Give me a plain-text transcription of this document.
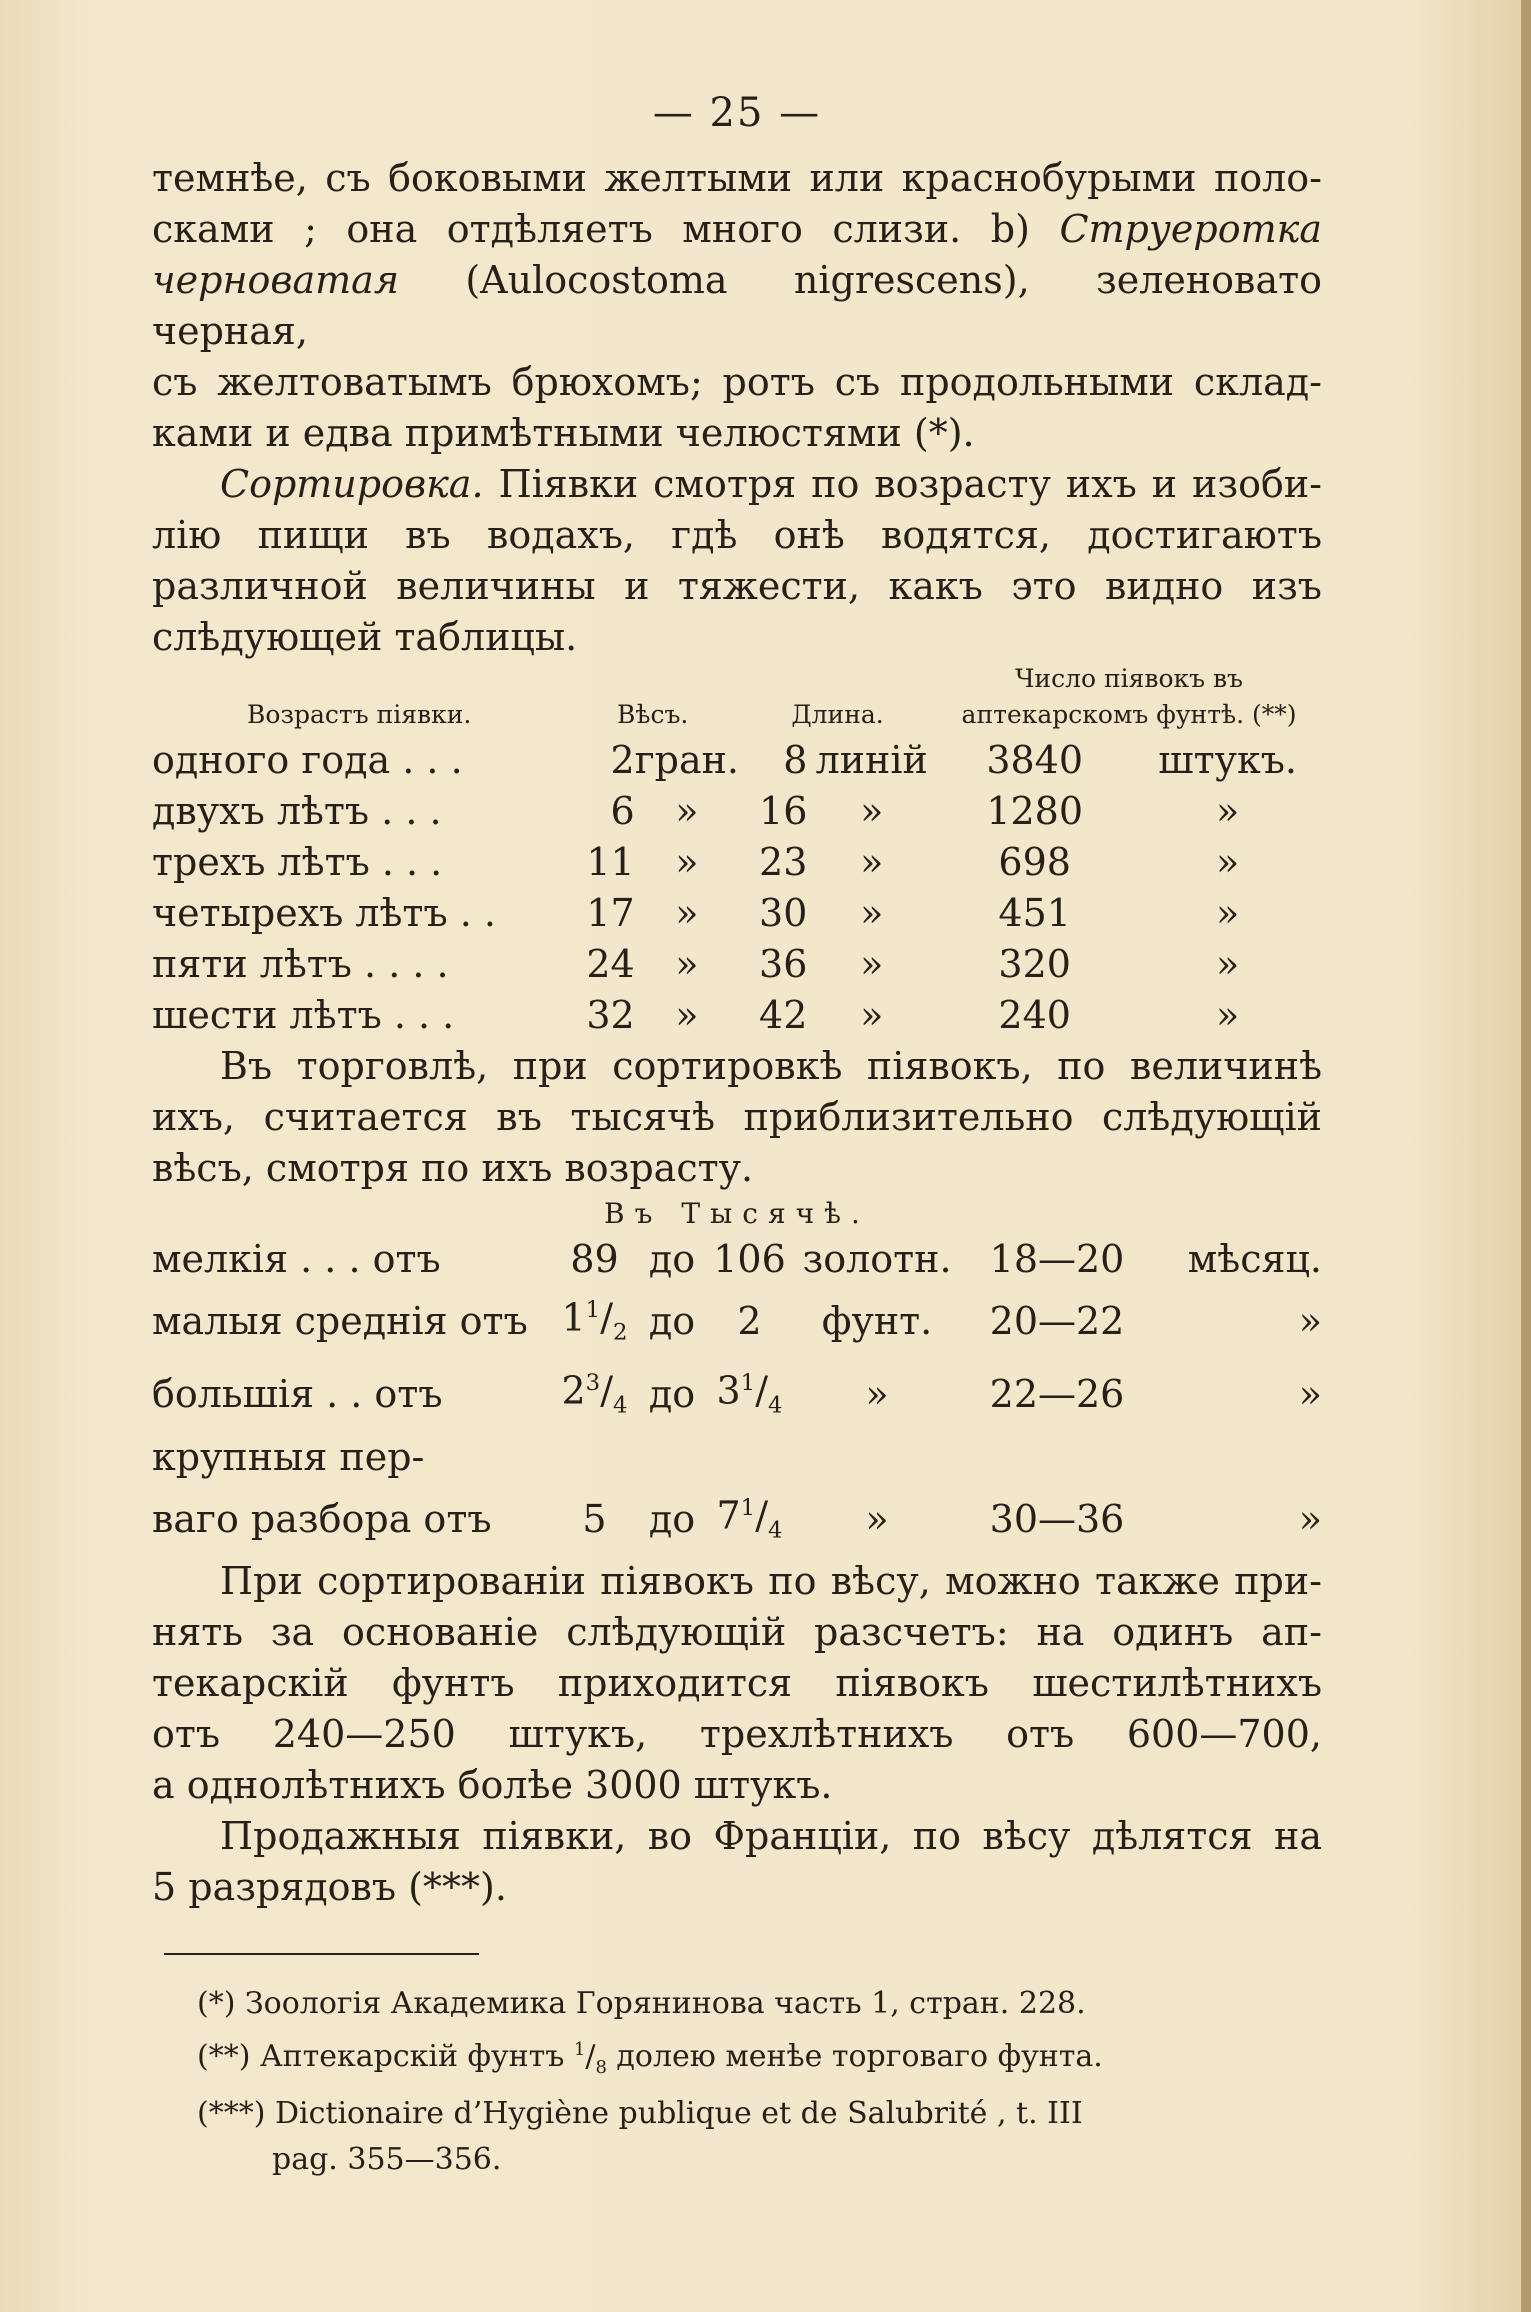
— 25 —

темнѣе, съ боковыми желтыми или краснобурыми поло-

сками ; она отдѣляетъ много слизи. b) Струеротка

черноватая (Aulocostoma nigrescens), зеленовато черная,

съ желтоватымъ брюхомъ; ротъ съ продольными склад-

ками и едва примѣтными челюстями (*).

Сортировка. Піявки смотря по возрасту ихъ и изоби-

лію пищи въ водахъ, гдѣ онѣ водятся, достигаютъ

различной величины и тяжести, какъ это видно изъ

слѣдующей таблицы.

					Число піявокъ въ	
Возрастъ піявки.	Вѣсъ.		Длина.		аптекарскомъ фунтѣ. (**)	
одного года . . .	2	гран.	8	линій	3840	штукъ.
двухъ лѣтъ . . .	6	»	16	»	1280	»
трехъ лѣтъ . . .	11	»	23	»	698	»
четырехъ лѣтъ . .	17	»	30	»	451	»
пяти лѣтъ . . . .	24	»	36	»	320	»
шести лѣтъ . . .	32	»	42	»	240	»

Въ торговлѣ, при сортировкѣ піявокъ, по величинѣ

ихъ, считается въ тысячѣ приблизительно слѣдующій

вѣсъ, смотря по ихъ возрасту.

Въ Тысячѣ.
мелкія . . . отъ	89	до	106	золотн.	18—20	мѣсяц.
малыя среднія отъ	$1^1/_2$	до	2	фунт.	20—22	»
большія . . отъ	$2^3/_4$	до	$3^1/_4$	»	22—26	»
крупныя пер-						
ваго разбора отъ	5	до	$7^1/_4$	»	30—36	»

При сортированіи піявокъ по вѣсу, можно также при-

нять за основаніе слѣдующій разсчетъ: на одинъ ап-

текарскій фунтъ приходится піявокъ шестилѣтнихъ

отъ 240—250 штукъ, трехлѣтнихъ отъ 600—700,

а однолѣтнихъ болѣе 3000 штукъ.

Продажныя піявки, во Франціи, по вѣсу дѣлятся на

5 разрядовъ (***).

(*) Зоологія Академика Горянинова часть 1, стран. 228.

(**) Аптекарскій фунтъ $^1/_8$ долею менѣе торговаго фунта.

(***) Dictionaire d’Hygiène publique et de Salubrité , t. III

pag. 355—356.
